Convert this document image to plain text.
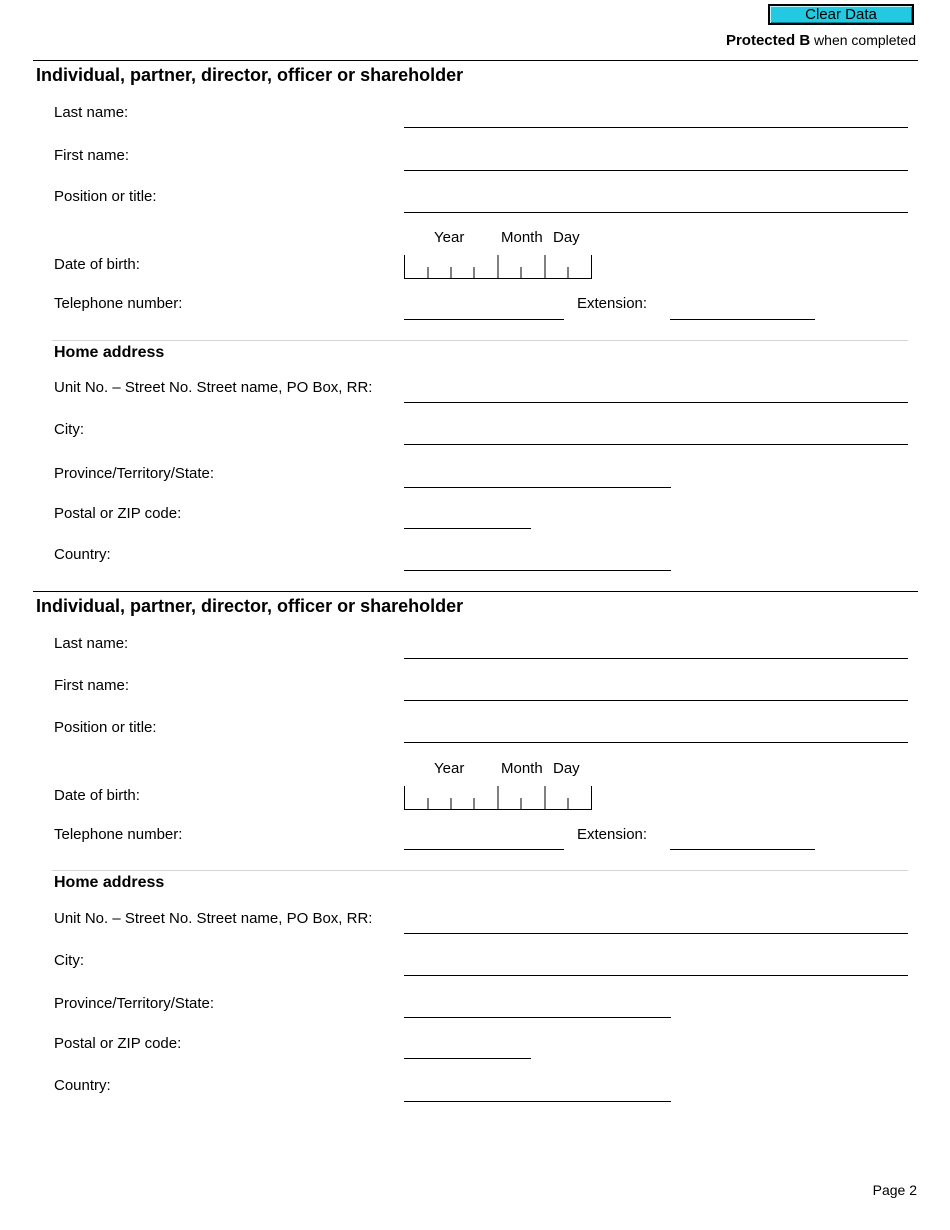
Clear Data
Protected B when completed
Individual, partner, director, officer or shareholder
Last name:
First name:
Position or title:
Year Month Day
Date of birth:
Telephone number:	Extension:
Home address
Unit No. – Street No. Street name, PO Box, RR:
City:
Province/Territory/State:
Postal or ZIP code:
Country:
Individual, partner, director, officer or shareholder
Last name:
First name:
Position or title:
Year Month Day
Date of birth:
Telephone number:	Extension:
Home address
Unit No. – Street No. Street name, PO Box, RR:
City:
Province/Territory/State:
Postal or ZIP code:
Country:
Page 2
